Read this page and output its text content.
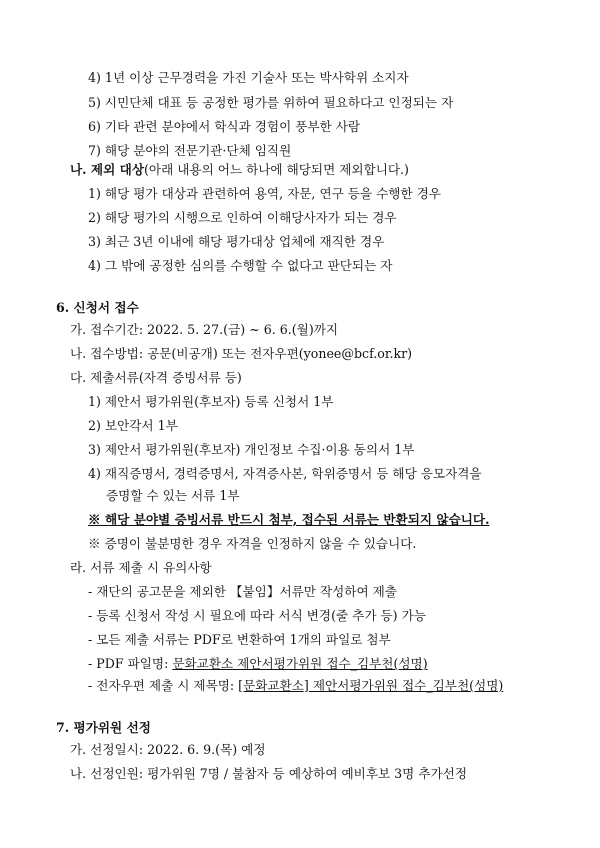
4) 1년 이상 근무경력을 가진 기술사 또는 박사학위 소지자
5) 시민단체 대표 등 공정한 평가를 위하여 필요하다고 인정되는 자
6) 기타 관련 분야에서 학식과 경험이 풍부한 사람
7) 해당 분야의 전문기관·단체 임직원
나. 제외 대상(아래 내용의 어느 하나에 해당되면 제외합니다.)
1) 해당 평가 대상과 관련하여 용역, 자문, 연구 등을 수행한 경우
2) 해당 평가의 시행으로 인하여 이해당사자가 되는 경우
3) 최근 3년 이내에 해당 평가대상 업체에 재직한 경우
4) 그 밖에 공정한 심의를 수행할 수 없다고 판단되는 자
6. 신청서 접수
가. 접수기간: 2022. 5. 27.(금) ~ 6. 6.(월)까지
나. 접수방법: 공문(비공개) 또는 전자우편(yonee@bcf.or.kr)
다. 제출서류(자격 증빙서류 등)
1) 제안서 평가위원(후보자) 등록 신청서 1부
2) 보안각서 1부
3) 제안서 평가위원(후보자) 개인정보 수집·이용 동의서 1부
4) 재직증명서, 경력증명서, 자격증사본, 학위증명서 등 해당 응모자격을
증명할 수 있는 서류 1부
※ 해당 분야별 증빙서류 반드시 첨부, 접수된 서류는 반환되지 않습니다.
※ 증명이 불분명한 경우 자격을 인정하지 않을 수 있습니다.
라. 서류 제출 시 유의사항
- 재단의 공고문을 제외한 【붙임】서류만 작성하여 제출
- 등록 신청서 작성 시 필요에 따라 서식 변경(줄 추가 등) 가능
- 모든 제출 서류는 PDF로 변환하여 1개의 파일로 첨부
- PDF 파일명: 문화교환소 제안서평가위원 접수_김부천(성명)
- 전자우편 제출 시 제목명: [문화교환소] 제안서평가위원 접수_김부천(성명)
7. 평가위원 선정
가. 선정일시: 2022. 6. 9.(목) 예정
나. 선정인원: 평가위원 7명 / 불참자 등 예상하여 예비후보 3명 추가선정
